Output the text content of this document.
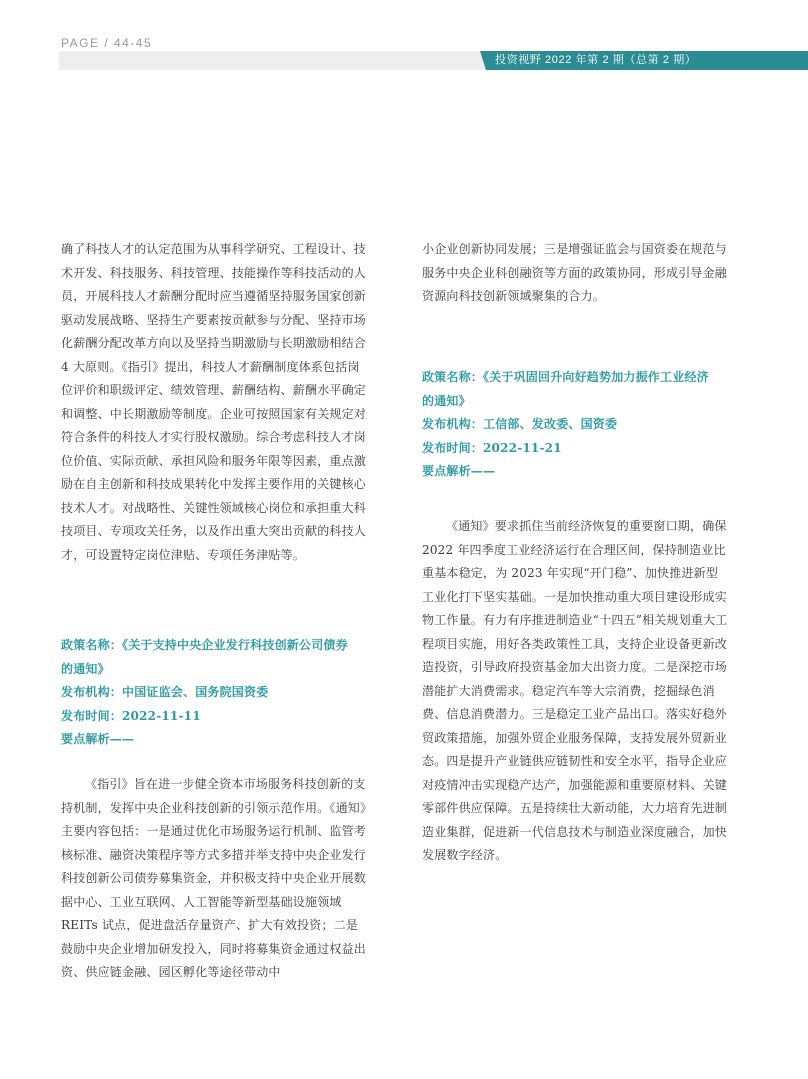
PAGE / 44-45
投资视野 2022 年第 2 期（总第 2 期）

确了科技人才的认定范围为从事科学研究、工程设计、技术开发、科技服务、科技管理、技能操作等科技活动的人员，开展科技人才薪酬分配时应当遵循坚持服务国家创新驱动发展战略、坚持生产要素按贡献参与分配、坚持市场化薪酬分配改革方向以及坚持当期激励与长期激励相结合 4 大原则。《指引》提出，科技人才薪酬制度体系包括岗位评价和职级评定、绩效管理、薪酬结构、薪酬水平确定和调整、中长期激励等制度。企业可按照国家有关规定对符合条件的科技人才实行股权激励。综合考虑科技人才岗位价值、实际贡献、承担风险和服务年限等因素，重点激励在自主创新和科技成果转化中发挥主要作用的关键核心技术人才。对战略性、关键性领域核心岗位和承担重大科技项目、专项攻关任务，以及作出重大突出贡献的科技人才，可设置特定岗位津贴、专项任务津贴等。

政策名称：《关于支持中央企业发行科技创新公司债券
的通知》
发布机构：中国证监会、国务院国资委
发布时间：2022-11-11
要点解析——

《指引》旨在进一步健全资本市场服务科技创新的支持机制，发挥中央企业科技创新的引领示范作用。《通知》主要内容包括：一是通过优化市场服务运行机制、监管考核标准、融资决策程序等方式多措并举支持中央企业发行科技创新公司债券募集资金，并积极支持中央企业开展数据中心、工业互联网、人工智能等新型基础设施领域 REITs 试点，促进盘活存量资产、扩大有效投资；二是鼓励中央企业增加研发投入，同时将募集资金通过权益出资、供应链金融、园区孵化等途径带动中

小企业创新协同发展；三是增强证监会与国资委在规范与服务中央企业科创融资等方面的政策协同，形成引导金融资源向科技创新领域聚集的合力。

政策名称：《关于巩固回升向好趋势加力振作工业经济
的通知》
发布机构：工信部、发改委、国资委
发布时间：2022-11-21
要点解析——

《通知》要求抓住当前经济恢复的重要窗口期，确保 2022 年四季度工业经济运行在合理区间，保持制造业比重基本稳定，为 2023 年实现“开门稳”、加快推进新型工业化打下坚实基础。一是加快推动重大项目建设形成实物工作量。有力有序推进制造业“十四五”相关规划重大工程项目实施，用好各类政策性工具，支持企业设备更新改造投资，引导政府投资基金加大出资力度。二是深挖市场潜能扩大消费需求。稳定汽车等大宗消费，挖掘绿色消费、信息消费潜力。三是稳定工业产品出口。落实好稳外贸政策措施，加强外贸企业服务保障，支持发展外贸新业态。四是提升产业链供应链韧性和安全水平，指导企业应对疫情冲击实现稳产达产，加强能源和重要原材料、关键零部件供应保障。五是持续壮大新动能，大力培育先进制造业集群，促进新一代信息技术与制造业深度融合，加快发展数字经济。
